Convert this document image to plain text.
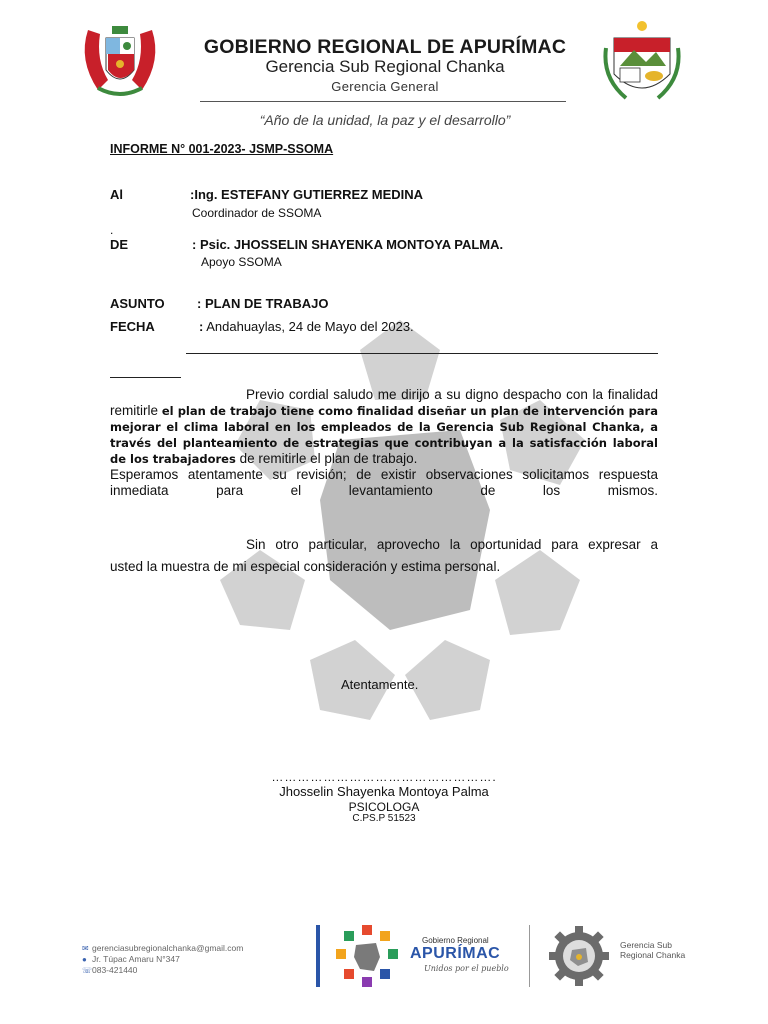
GOBIERNO REGIONAL DE APURÍMAC
Gerencia Sub Regional Chanka
Gerencia General
“Año de la unidad, la paz y el desarrollo”
INFORME N° 001-2023- JSMP-SSOMA
Al	:Ing. ESTEFANY GUTIERREZ MEDINA
Coordinador de SSOMA
.
DE	: Psic. JHOSSELIN SHAYENKA MONTOYA PALMA.
Apoyo SSOMA
ASUNTO : PLAN DE TRABAJO
FECHA	: Andahuaylas, 24 de Mayo del 2023.
Previo cordial saludo me dirijo a su digno despacho con la finalidad remitirle el plan de trabajo tiene como finalidad diseñar un plan de intervención para mejorar el clima laboral en los empleados de la Gerencia Sub Regional Chanka, a través del planteamiento de estrategias que contribuyan a la satisfacción laboral de los trabajadores de remitirle el plan de trabajo.
Esperamos atentamente su revisión; de existir observaciones solicitamos respuesta inmediata para el levantamiento de los mismos.
Sin otro particular, aprovecho la oportunidad para expresar a
usted la muestra de mi especial consideración y estima personal.
Atentamente.
…………………………………………….
Jhosselin Shayenka Montoya Palma
PSICOLOGA
C.PS.P 51523
✉ gerenciasubregionalchanka@gmail.com
● Jr. Túpac Amaru N°347
☏083-421440
Gobierno Regional
APURÍMAC
Unidos por el pueblo
Gerencia Sub Regional Chanka
